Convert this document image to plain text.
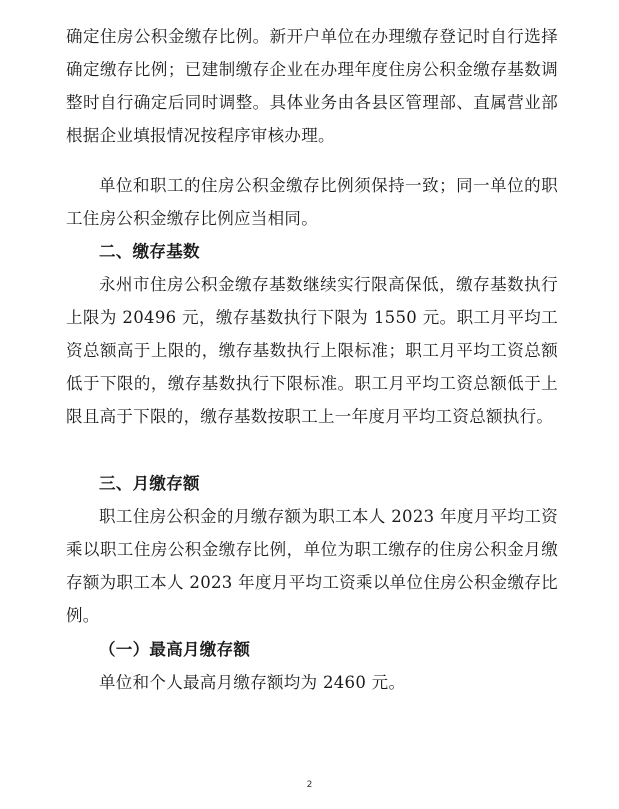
确定住房公积金缴存比例。新开户单位在办理缴存登记时自行选择确定缴存比例；已建制缴存企业在办理年度住房公积金缴存基数调整时自行确定后同时调整。具体业务由各县区管理部、直属营业部根据企业填报情况按程序审核办理。

单位和职工的住房公积金缴存比例须保持一致；同一单位的职工住房公积金缴存比例应当相同。

二、缴存基数

永州市住房公积金缴存基数继续实行限高保低，缴存基数执行上限为 20496 元，缴存基数执行下限为 1550 元。职工月平均工资总额高于上限的，缴存基数执行上限标准；职工月平均工资总额低于下限的，缴存基数执行下限标准。职工月平均工资总额低于上限且高于下限的，缴存基数按职工上一年度月平均工资总额执行。

三、月缴存额

职工住房公积金的月缴存额为职工本人 2023 年度月平均工资乘以职工住房公积金缴存比例，单位为职工缴存的住房公积金月缴存额为职工本人 2023 年度月平均工资乘以单位住房公积金缴存比例。

（一）最高月缴存额

单位和个人最高月缴存额均为 2460 元。

2
